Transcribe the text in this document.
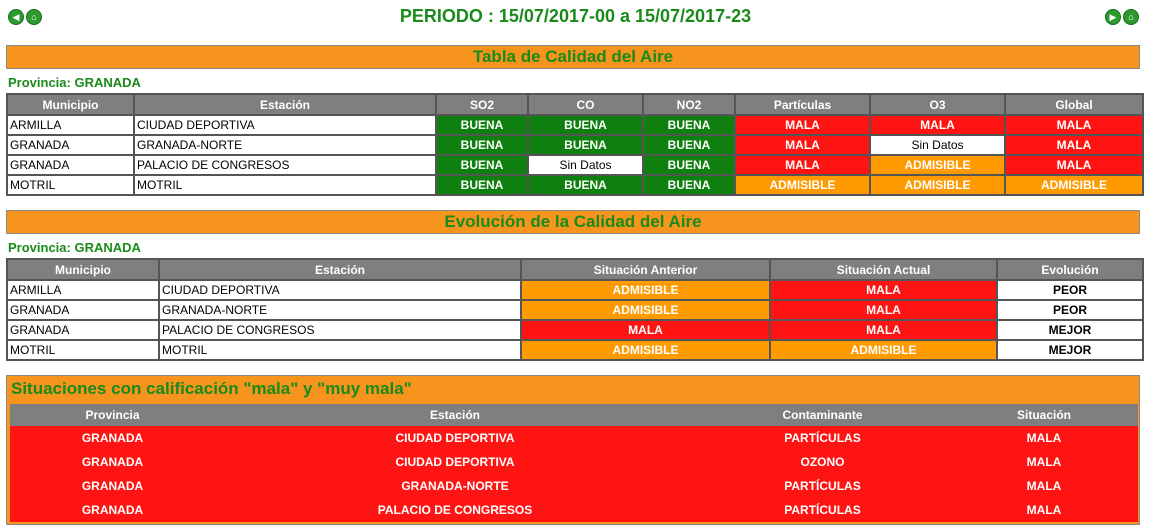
◀	⌂	▶	⌂
PERIODO : 15/07/2017-00 a 15/07/2017-23
Tabla de Calidad del Aire
Provincia: GRANADA
Municipio	Estación	SO2	CO	NO2	Partículas	O3	Global
ARMILLA	CIUDAD DEPORTIVA	BUENA	BUENA	BUENA	MALA	MALA	MALA
GRANADA	GRANADA-NORTE	BUENA	BUENA	BUENA	MALA	Sin Datos	MALA
GRANADA	PALACIO DE CONGRESOS	BUENA	Sin Datos	BUENA	MALA	ADMISIBLE	MALA
MOTRIL	MOTRIL	BUENA	BUENA	BUENA	ADMISIBLE	ADMISIBLE	ADMISIBLE
Evolución de la Calidad del Aire
Provincia: GRANADA
Municipio	Estación	Situación Anterior	Situación Actual	Evolución
ARMILLA	CIUDAD DEPORTIVA	ADMISIBLE	MALA	PEOR
GRANADA	GRANADA-NORTE	ADMISIBLE	MALA	PEOR
GRANADA	PALACIO DE CONGRESOS	MALA	MALA	MEJOR
MOTRIL	MOTRIL	ADMISIBLE	ADMISIBLE	MEJOR
Situaciones con calificación "mala" y "muy mala"
Provincia	Estación	Contaminante	Situación
GRANADA	CIUDAD DEPORTIVA	PARTÍCULAS	MALA
GRANADA	CIUDAD DEPORTIVA	OZONO	MALA
GRANADA	GRANADA-NORTE	PARTÍCULAS	MALA
GRANADA	PALACIO DE CONGRESOS	PARTÍCULAS	MALA
